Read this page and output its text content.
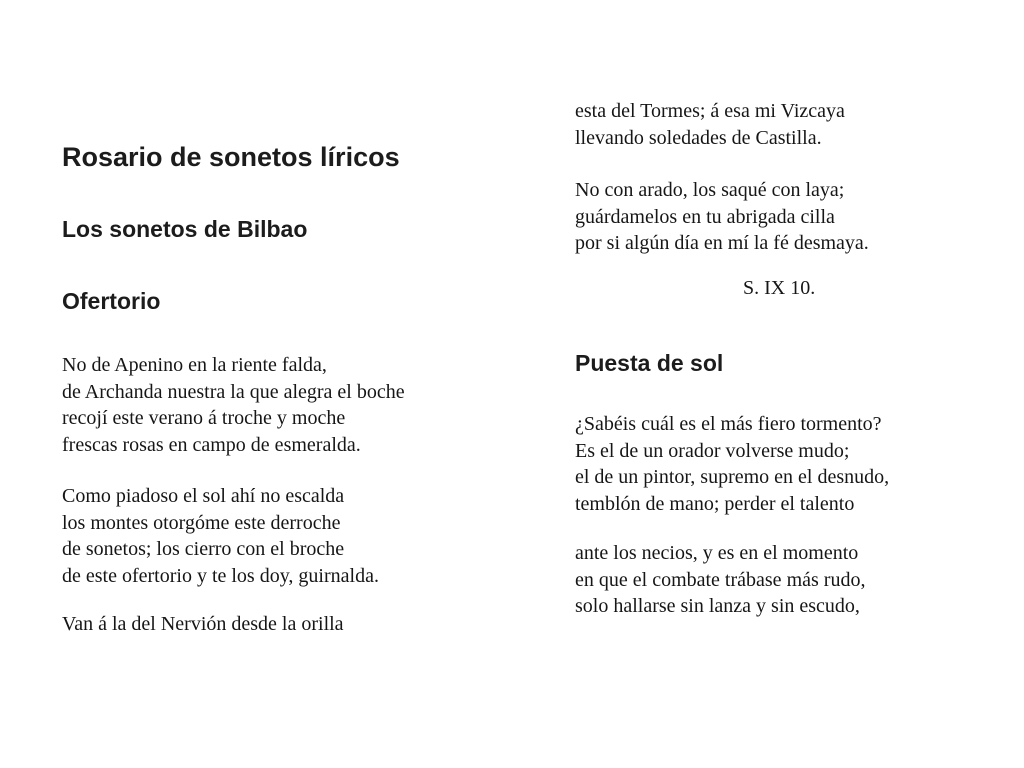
Rosario de sonetos líricos
Los sonetos de Bilbao
Ofertorio
No de Apenino en la riente falda,
de Archanda nuestra la que alegra el boche
recojí este verano á troche y moche
frescas rosas en campo de esmeralda.
Como piadoso el sol ahí no escalda
los montes otorgóme este derroche
de sonetos; los cierro con el broche
de este ofertorio y te los doy, guirnalda.
Van á la del Nervión desde la orilla
esta del Tormes; á esa mi Vizcaya
llevando soledades de Castilla.
No con arado, los saqué con laya;
guárdamelos en tu abrigada cilla
por si algún día en mí la fé desmaya.
S. IX 10.
Puesta de sol
¿Sabéis cuál es el más fiero tormento?
Es el de un orador volverse mudo;
el de un pintor, supremo en el desnudo,
temblón de mano; perder el talento
ante los necios, y es en el momento
en que el combate trábase más rudo,
solo hallarse sin lanza y sin escudo,
